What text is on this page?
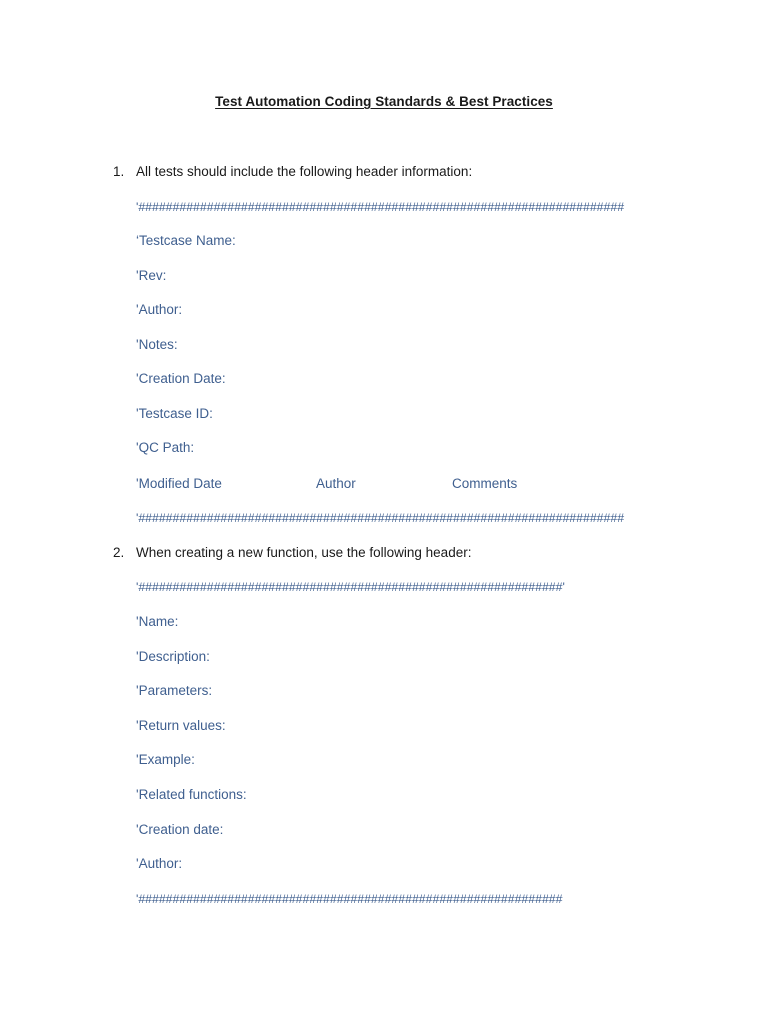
Test Automation Coding Standards & Best Practices
1. All tests should include the following header information:
'#######################################################################
‘Testcase Name:
'Rev:
'Author:
'Notes:
'Creation Date:
'Testcase ID:
'QC Path:
'Modified Date	Author	Comments
'#######################################################################
2. When creating a new function, use the following header:
'##############################################################'
'Name:
'Description:
'Parameters:
'Return values:
'Example:
'Related functions:
'Creation date:
'Author:
'##############################################################
